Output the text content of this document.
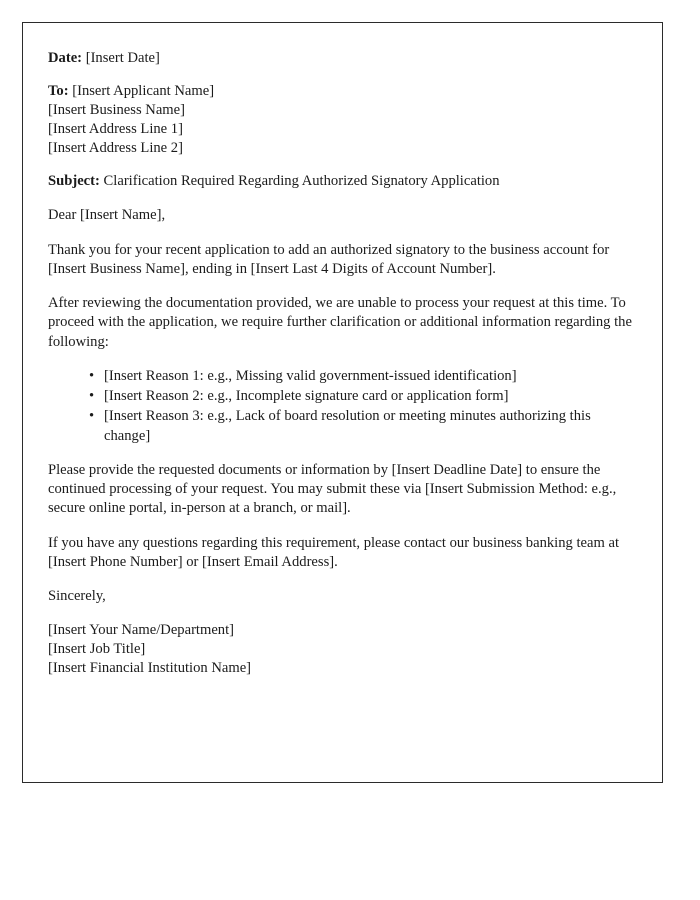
Date: [Insert Date]

To: [Insert Applicant Name]

[Insert Business Name]

[Insert Address Line 1]

[Insert Address Line 2]

Subject: Clarification Required Regarding Authorized Signatory Application

Dear [Insert Name],

Thank you for your recent application to add an authorized signatory to the business account for [Insert Business Name], ending in [Insert Last 4 Digits of Account Number].

After reviewing the documentation provided, we are unable to process your request at this time. To proceed with the application, we require further clarification or additional information regarding the following:

• [Insert Reason 1: e.g., Missing valid government-issued identification]
• [Insert Reason 2: e.g., Incomplete signature card or application form]
• [Insert Reason 3: e.g., Lack of board resolution or meeting minutes authorizing this change]

Please provide the requested documents or information by [Insert Deadline Date] to ensure the continued processing of your request. You may submit these via [Insert Submission Method: e.g., secure online portal, in-person at a branch, or mail].

If you have any questions regarding this requirement, please contact our business banking team at [Insert Phone Number] or [Insert Email Address].

Sincerely,

[Insert Your Name/Department]

[Insert Job Title]

[Insert Financial Institution Name]
